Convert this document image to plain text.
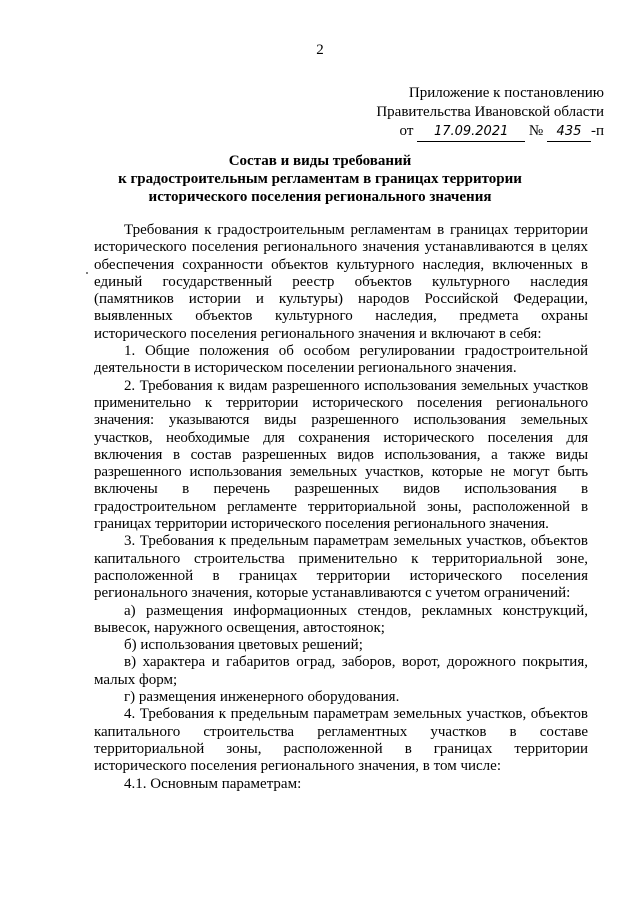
2
Приложение к постановлению
Правительства Ивановской области
от 17.09.2021 № 435 -п
Состав и виды требований
к градостроительным регламентам в границах территории
исторического поселения регионального значения

Требования к градостроительным регламентам в границах территории исторического поселения регионального значения устанавливаются в целях обеспечения сохранности объектов культурного наследия, включенных в единый государственный реестр объектов культурного наследия (памятников истории и культуры) народов Российской Федерации, выявленных объектов культурного наследия, предмета охраны исторического поселения регионального значения и включают в себя:

1. Общие положения об особом регулировании градостроительной деятельности в историческом поселении регионального значения.

2. Требования к видам разрешенного использования земельных участков применительно к территории исторического поселения регионального значения: указываются виды разрешенного использования земельных участков, необходимые для сохранения исторического поселения для включения в состав разрешенных видов использования, а также виды разрешенного использования земельных участков, которые не могут быть включены в перечень разрешенных видов использования в градостроительном регламенте территориальной зоны, расположенной в границах территории исторического поселения регионального значения.

3. Требования к предельным параметрам земельных участков, объектов капитального строительства применительно к территориальной зоне, расположенной в границах территории исторического поселения регионального значения, которые устанавливаются с учетом ограничений:

а) размещения информационных стендов, рекламных конструкций, вывесок, наружного освещения, автостоянок;

б) использования цветовых решений;

в) характера и габаритов оград, заборов, ворот, дорожного покрытия, малых форм;

г) размещения инженерного оборудования.

4. Требования к предельным параметрам земельных участков, объектов капитального строительства регламентных участков в составе территориальной зоны, расположенной в границах территории исторического поселения регионального значения, в том числе:

4.1. Основным параметрам:
